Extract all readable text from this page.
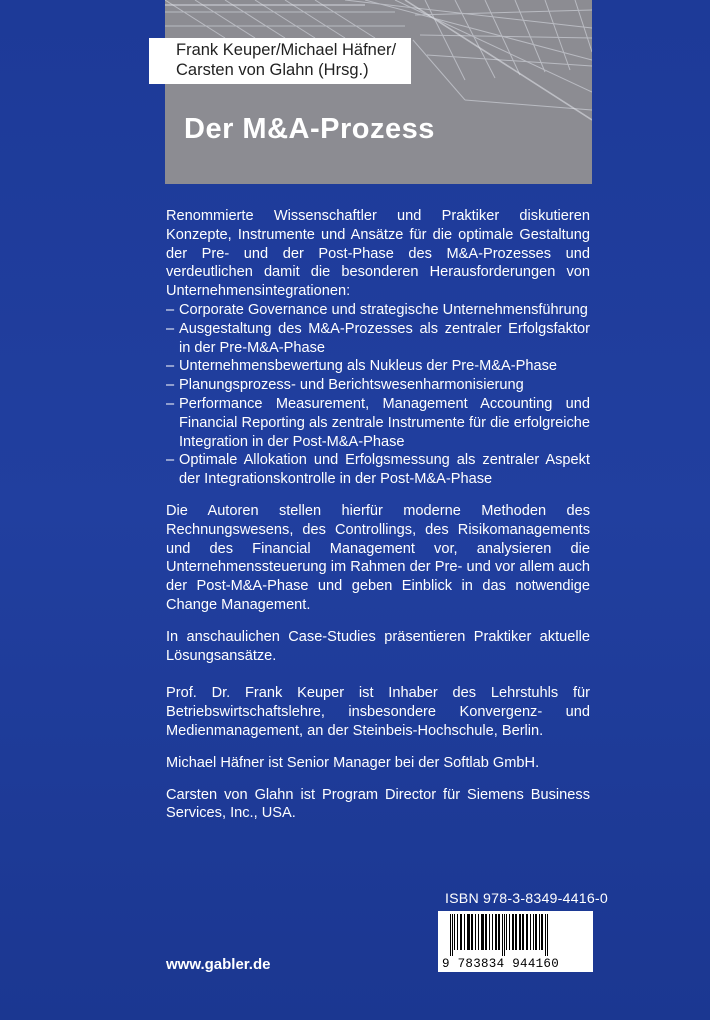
Frank Keuper/Michael Häfner/
Carsten von Glahn (Hrsg.)
Der M&A-Prozess

Renommierte Wissenschaftler und Praktiker diskutieren Konzepte, Instrumente und Ansätze für die optimale Gestaltung der Pre- und der Post-Phase des M&A-Prozesses und verdeutlichen damit die besonderen Herausforderungen von Unternehmensintegrationen:

– Corporate Governance und strategische Unternehmensführung
– Ausgestaltung des M&A-Prozesses als zentraler Erfolgsfaktor in der Pre-M&A-Phase
– Unternehmensbewertung als Nukleus der Pre-M&A-Phase
– Planungsprozess- und Berichtswesenharmonisierung
– Performance Measurement, Management Accounting und Financial Reporting als zentrale Instrumente für die erfolgreiche Integration in der Post-M&A-Phase
– Optimale Allokation und Erfolgsmessung als zentraler Aspekt der Integrationskontrolle in der Post-M&A-Phase

Die Autoren stellen hierfür moderne Methoden des Rechnungswesens, des Controllings, des Risikomanagements und des Financial Management vor, analysieren die Unternehmenssteuerung im Rahmen der Pre- und vor allem auch der Post-M&A-Phase und geben Einblick in das notwendige Change Management.

In anschaulichen Case-Studies präsentieren Praktiker aktuelle Lösungsansätze.

Prof. Dr. Frank Keuper ist Inhaber des Lehrstuhls für Betriebswirtschaftslehre, insbesondere Konvergenz- und Medienmanagement, an der Steinbeis-Hochschule, Berlin.

Michael Häfner ist Senior Manager bei der Softlab GmbH.

Carsten von Glahn ist Program Director für Siemens Business Services, Inc., USA.

ISBN 978-3-8349-4416-0
9 783834 944160
www.gabler.de
